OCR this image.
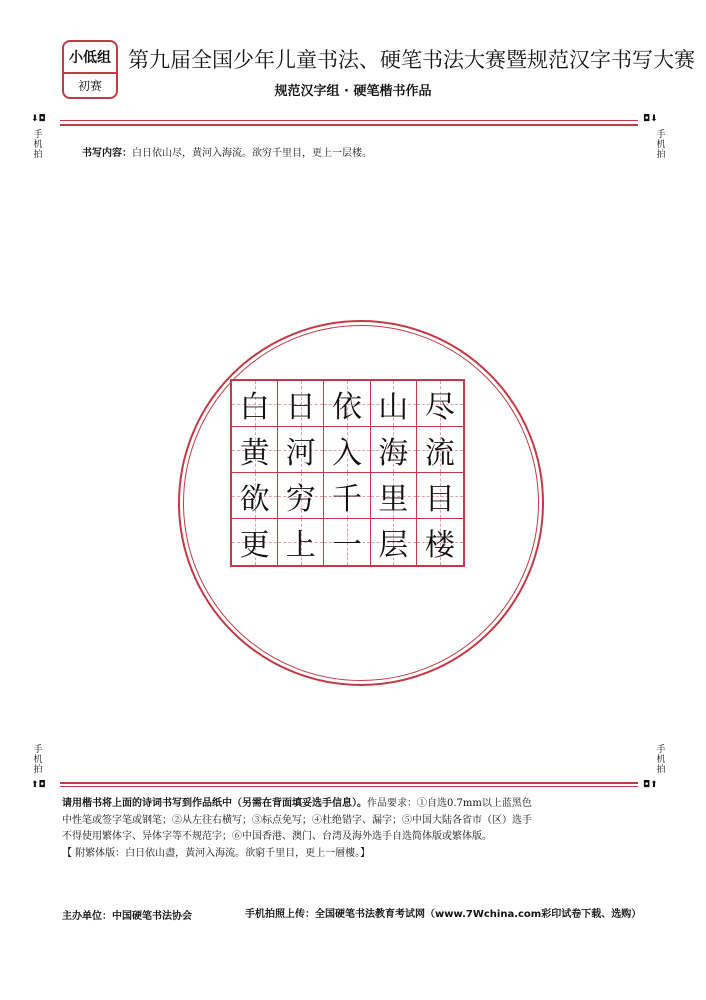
小低组
初赛
第九届全国少年儿童书法、硬笔书法大赛暨规范汉字书写大赛
规范汉字组 · 硬笔楷书作品
⬇◘
手机拍
◘⬇
手机拍
书写内容：白日依山尽，黄河入海流。欲穷千里目，更上一层楼。
白 日 依 山 尽
黄 河 入 海 流
欲 穷 千 里 目
更 上 一 层 楼
手机拍
⬆◘
手机拍
◘⬆

请用楷书将上面的诗词书写到作品纸中（另需在背面填妥选手信息）。作品要求：①自选0.7mm以上蓝黑色

中性笔或签字笔或钢笔；②从左往右横写；③标点免写；④杜绝错字、漏字；⑤中国大陆各省市（区）选手

不得使用繁体字、异体字等不规范字；⑥中国香港、澳门、台湾及海外选手自选简体版或繁体版。

【 附繁体版：白日依山盡，黃河入海流。欲窮千里目，更上一層樓。】

主办单位：中国硬笔书法协会	手机拍照上传：全国硬笔书法教育考试网（www.7Wchina.com彩印试卷下载、选购）
